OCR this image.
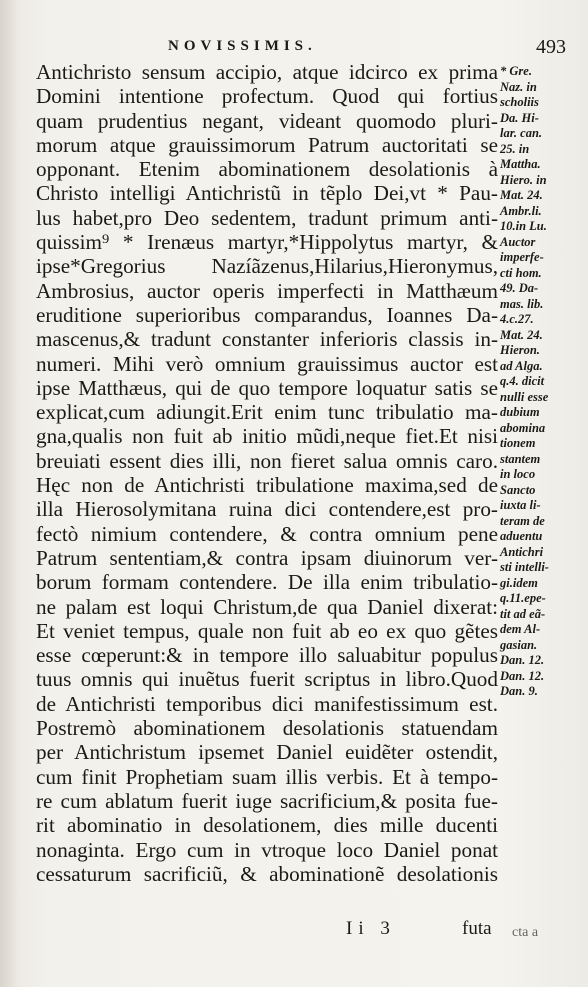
NOVISSIMIS.	493
Antichristo sensum accipio, atque idcirco ex prima
Domini intentione profectum. Quod qui fortius
quam prudentius negant, videant quomodo pluri-
morum atque grauissimorum Patrum auctoritati se
opponant. Etenim abominationem desolationis à
Christo intelligi Antichristũ in tẽplo Dei,vt * Pau-
lus habet,pro Deo sedentem, tradunt primum anti-
quissim⁹ * Irenæus martyr,*Hippolytus martyr, &
ipse*Gregorius Nazíãzenus,Hilarius,Hieronymus,
Ambrosius, auctor operis imperfecti in Matthæum
eruditione superioribus comparandus, Ioannes Da-
mascenus,& tradunt constanter inferioris classis in-
numeri. Mihi verò omnium grauissimus auctor est
ipse Matthæus, qui de quo tempore loquatur satis se
explicat,cum adiungit.Erit enim tunc tribulatio ma-
gna,qualis non fuit ab initio mũdi,neque fiet.Et nisi
breuiati essent dies illi, non fieret salua omnis caro.
Hęc non de Antichristi tribulatione maxima,sed de
illa Hierosolymitana ruina dici contendere,est pro-
fectò nimium contendere, & contra omnium pene
Patrum sententiam,& contra ipsam diuinorum ver-
borum formam contendere. De illa enim tribulatio-
ne palam est loqui Christum,de qua Daniel dixerat:
Et veniet tempus, quale non fuit ab eo ex quo gẽtes
esse cœperunt:& in tempore illo saluabitur populus
tuus omnis qui inuẽtus fuerit scriptus in libro.Quod
de Antichristi temporibus dici manifestissimum est.
Postremò abominationem desolationis statuendam
per Antichristum ipsemet Daniel euidẽter ostendit,
cum finit Prophetiam suam illis verbis. Et à tempo-
re cum ablatum fuerit iuge sacrificium,& posita fue-
rit abominatio in desolationem, dies mille ducenti
nonaginta. Ergo cum in vtroque loco Daniel ponat
cessaturum sacrificiũ, & abominationẽ desolationis
* Gre.
Naz. in
scholiis
Da. Hi-
lar. can.
25. in
Mattha.
Hiero. in
Mat. 24.
Ambr.li.
10.in Lu.
Auctor
imperfe-
cti hom.
49. Da-
mas. lib.
4.c.27.
Mat. 24.
Hieron.
ad Alga.
q.4. dicit
nulli esse
dubium
abomina
tionem
stantem
in loco
Sancto
iuxta li-
teram de
aduentu
Antichri
sti intelli-
gi.idem
q.11.epe-
tit ad eã-
dem Al-
gasian.
Dan. 12.
Dan. 12.
Dan. 9.
Ii 3	futa cta a
